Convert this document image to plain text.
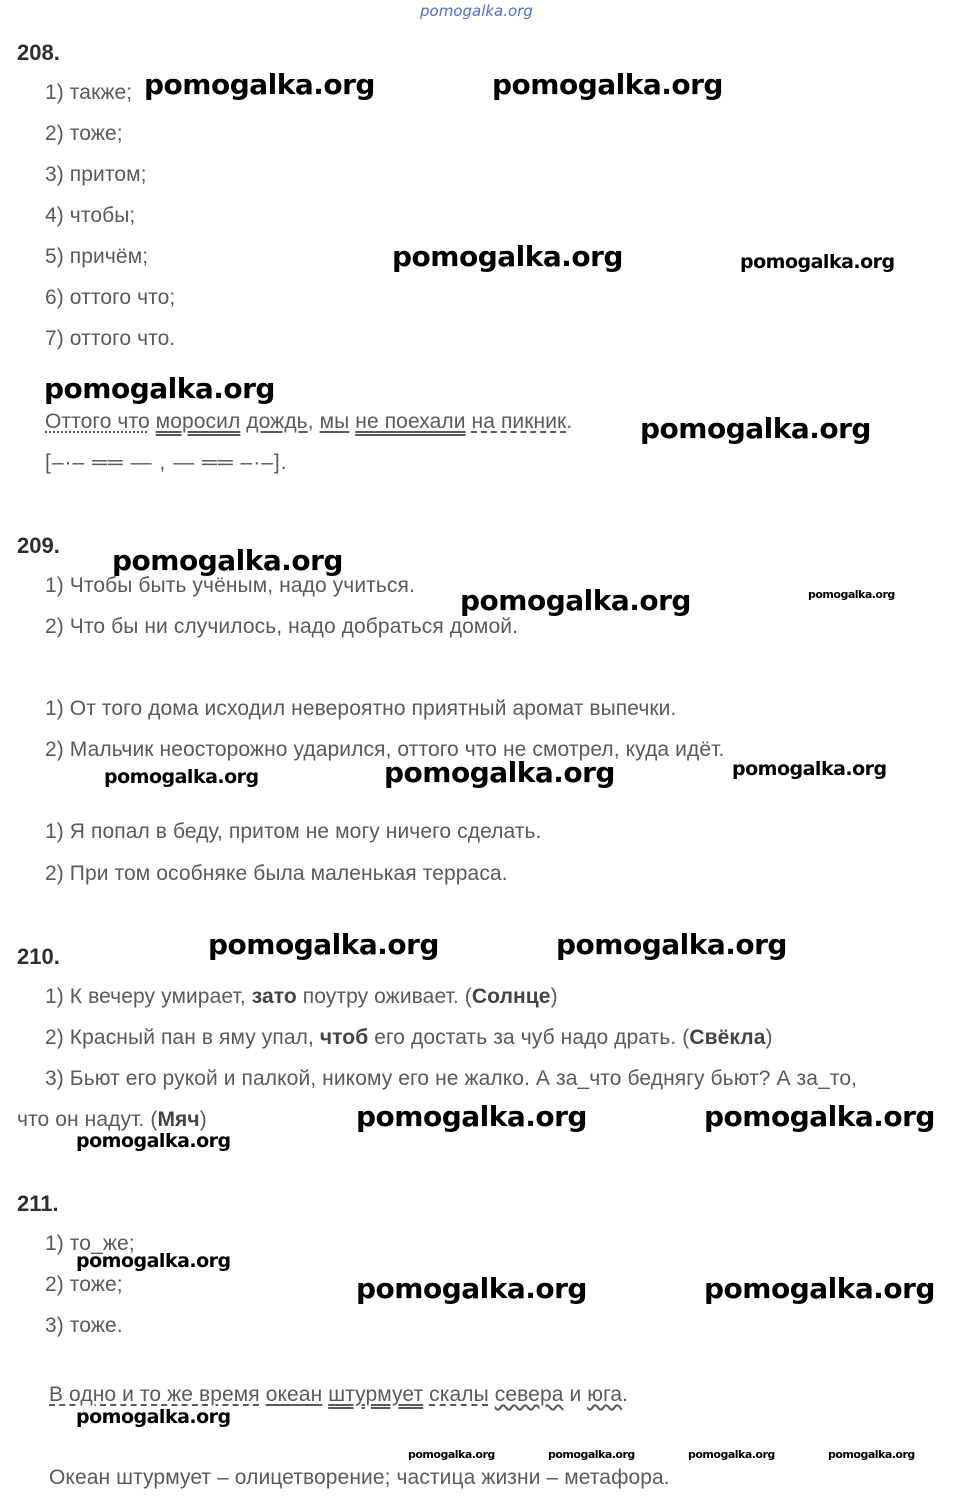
pomogalka.org
208.
1) также;
2) тоже;
3) притом;
4) чтобы;
5) причём;
6) оттого что;
7) оттого что.
Оттого что моросил дождь, мы не поехали на пикник.
[–·– ══ — , — ══ –·–].
209.
1) Чтобы быть учёным, надо учиться.
2) Что бы ни случилось, надо добраться домой.
1) От того дома исходил невероятно приятный аромат выпечки.
2) Мальчик неосторожно ударился, оттого что не смотрел, куда идёт.
1) Я попал в беду, притом не могу ничего сделать.
2) При том особняке была маленькая терраса.
210.
1) К вечеру умирает, зато поутру оживает. (Солнце)
2) Красный пан в яму упал, чтоб его достать за чуб надо драть. (Свёкла)
3) Бьют его рукой и палкой, никому его не жалко. А за_что беднягу бьют? А за_то,
что он надут. (Мяч)
211.
1) то_же;
2) тоже;
3) тоже.
В одно и то же время океан штурмует скалы севера и юга.
Океан штурмует – олицетворение; частица жизни – метафора.
pomogalka.org	pomogalka.org
pomogalka.org	pomogalka.org
pomogalka.org
pomogalka.org
pomogalka.org
pomogalka.org	pomogalka.org
pomogalka.org	pomogalka.org	pomogalka.org
pomogalka.org	pomogalka.org
pomogalka.org	pomogalka.org
pomogalka.org
pomogalka.org
pomogalka.org	pomogalka.org
pomogalka.org
pomogalka.org	pomogalka.org	pomogalka.org	pomogalka.org
